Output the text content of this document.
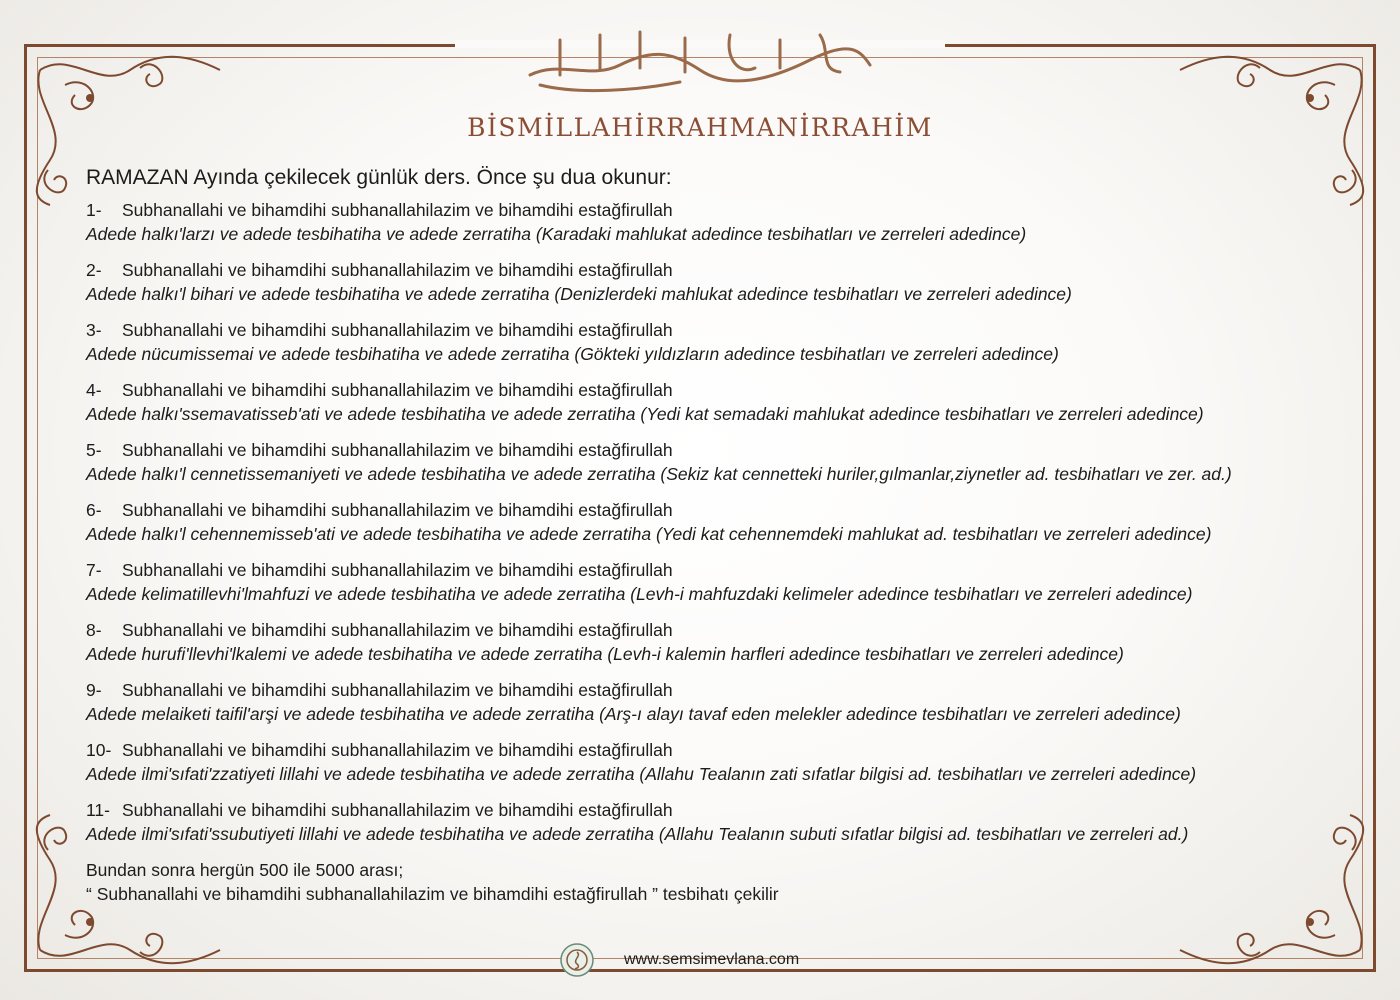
BİSMİLLAHİRRAHMANİRRAHİM
RAMAZAN Ayında çekilecek günlük ders. Önce şu dua okunur:
1- Subhanallahi ve bihamdihi subhanallahilazim ve bihamdihi estağfirullah
Adede halkı'larzı ve adede tesbihatiha ve adede zerratiha (Karadaki mahlukat adedince tesbihatları ve zerreleri adedince)
2- Subhanallahi ve bihamdihi subhanallahilazim ve bihamdihi estağfirullah
Adede halkı'l bihari ve adede tesbihatiha ve adede zerratiha (Denizlerdeki mahlukat adedince tesbihatları ve zerreleri adedince)
3- Subhanallahi ve bihamdihi subhanallahilazim ve bihamdihi estağfirullah
Adede nücumissemai ve adede tesbihatiha ve adede zerratiha (Gökteki yıldızların adedince tesbihatları ve zerreleri adedince)
4- Subhanallahi ve bihamdihi subhanallahilazim ve bihamdihi estağfirullah
Adede halkı'ssemavatisseb'ati ve adede tesbihatiha ve adede zerratiha (Yedi kat semadaki mahlukat adedince tesbihatları ve zerreleri adedince)
5- Subhanallahi ve bihamdihi subhanallahilazim ve bihamdihi estağfirullah
Adede halkı'l cennetissemaniyeti ve adede tesbihatiha ve adede zerratiha (Sekiz kat cennetteki huriler,gılmanlar,ziynetler ad. tesbihatları ve zer. ad.)
6- Subhanallahi ve bihamdihi subhanallahilazim ve bihamdihi estağfirullah
Adede halkı'l cehennemisseb'ati ve adede tesbihatiha ve adede zerratiha (Yedi kat cehennemdeki mahlukat ad. tesbihatları ve zerreleri adedince)
7- Subhanallahi ve bihamdihi subhanallahilazim ve bihamdihi estağfirullah
Adede kelimatillevhi'lmahfuzi ve adede tesbihatiha ve adede zerratiha (Levh-i mahfuzdaki kelimeler adedince tesbihatları ve zerreleri adedince)
8- Subhanallahi ve bihamdihi subhanallahilazim ve bihamdihi estağfirullah
Adede hurufi'llevhi'lkalemi ve adede tesbihatiha ve adede zerratiha (Levh-i kalemin harfleri adedince tesbihatları ve zerreleri adedince)
9- Subhanallahi ve bihamdihi subhanallahilazim ve bihamdihi estağfirullah
Adede melaiketi taifil'arşi ve adede tesbihatiha ve adede zerratiha (Arş-ı alayı tavaf eden melekler adedince tesbihatları ve zerreleri adedince)
10- Subhanallahi ve bihamdihi subhanallahilazim ve bihamdihi estağfirullah
Adede ilmi'sıfati'zzatiyeti lillahi ve adede tesbihatiha ve adede zerratiha (Allahu Tealanın zati sıfatlar bilgisi ad. tesbihatları ve zerreleri adedince)
11- Subhanallahi ve bihamdihi subhanallahilazim ve bihamdihi estağfirullah
Adede ilmi'sıfati'ssubutiyeti lillahi ve adede tesbihatiha ve adede zerratiha (Allahu Tealanın subuti sıfatlar bilgisi ad. tesbihatları ve zerreleri ad.)
Bundan sonra hergün 500 ile 5000 arası;
“ Subhanallahi ve bihamdihi subhanallahilazim ve bihamdihi estağfirullah ” tesbihatı çekilir
www.semsimevlana.com
